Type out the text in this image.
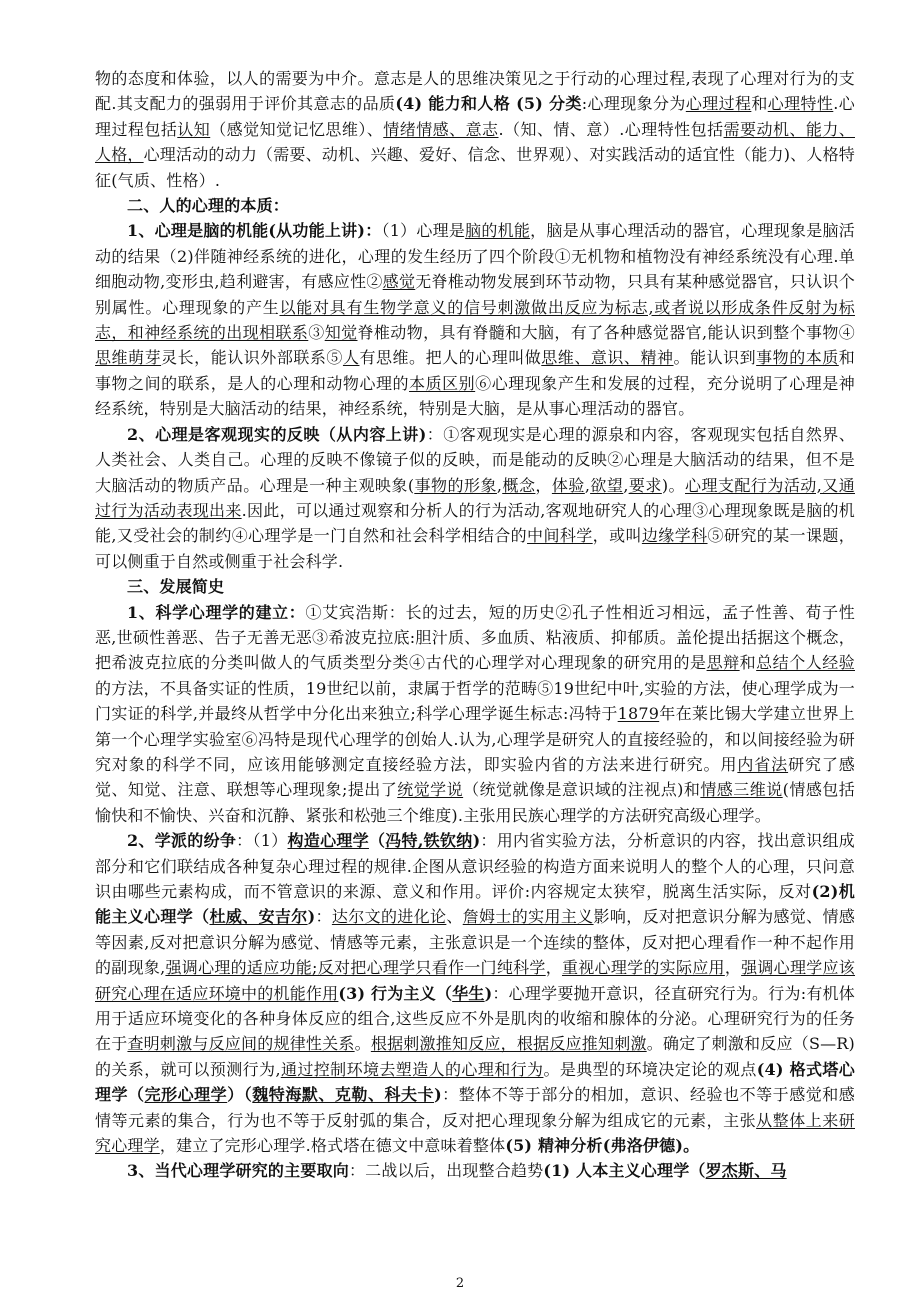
物的态度和体验，以人的需要为中介。意志是人的思维决策见之于行动的心理过程,表现了心理对行为的支配.其支配力的强弱用于评价其意志的品质(4) 能力和人格 (5) 分类:心理现象分为心理过程和心理特性.心理过程包括认知（感觉知觉记忆思维）、情绪情感、意志.（知、情、意）.心理特性包括需要动机、能力、人格，心理活动的动力（需要、动机、兴趣、爱好、信念、世界观）、对实践活动的适宜性（能力)、人格特征(气质、性格）.

二、人的心理的本质：

1、心理是脑的机能(从功能上讲)：（1）心理是脑的机能，脑是从事心理活动的器官，心理现象是脑活动的结果（2)伴随神经系统的进化，心理的发生经历了四个阶段①无机物和植物没有神经系统没有心理.单细胞动物,变形虫,趋利避害，有感应性②感觉无脊椎动物发展到环节动物，只具有某种感觉器官，只认识个别属性。心理现象的产生以能对具有生物学意义的信号刺激做出反应为标志,或者说以形成条件反射为标志，和神经系统的出现相联系③知觉脊椎动物，具有脊髓和大脑，有了各种感觉器官,能认识到整个事物④思维萌芽灵长，能认识外部联系⑤人有思维。把人的心理叫做思维、意识、精神。能认识到事物的本质和事物之间的联系，是人的心理和动物心理的本质区别⑥心理现象产生和发展的过程，充分说明了心理是神经系统，特别是大脑活动的结果，神经系统，特别是大脑，是从事心理活动的器官。

2、心理是客观现实的反映（从内容上讲)：①客观现实是心理的源泉和内容，客观现实包括自然界、人类社会、人类自己。心理的反映不像镜子似的反映，而是能动的反映②心理是大脑活动的结果，但不是大脑活动的物质产品。心理是一种主观映象(事物的形象,概念，体验,欲望,要求)。心理支配行为活动,又通过行为活动表现出来.因此，可以通过观察和分析人的行为活动,客观地研究人的心理③心理现象既是脑的机能,又受社会的制约④心理学是一门自然和社会科学相结合的中间科学，或叫边缘学科⑤研究的某一课题，可以侧重于自然或侧重于社会科学.

三、发展简史

1、科学心理学的建立：①艾宾浩斯：长的过去，短的历史②孔子性相近习相远，孟子性善、荀子性恶,世硕性善恶、告子无善无恶③希波克拉底:胆汁质、多血质、粘液质、抑郁质。盖伦提出括据这个概念，把希波克拉底的分类叫做人的气质类型分类④古代的心理学对心理现象的研究用的是思辩和总结个人经验的方法，不具备实证的性质，19世纪以前，隶属于哲学的范畴⑤19世纪中叶,实验的方法，使心理学成为一门实证的科学,并最终从哲学中分化出来独立;科学心理学诞生标志:冯特于1879年在莱比锡大学建立世界上第一个心理学实验室⑥冯特是现代心理学的创始人.认为,心理学是研究人的直接经验的，和以间接经验为研究对象的科学不同，应该用能够测定直接经验方法，即实验内省的方法来进行研究。用内省法研究了感觉、知觉、注意、联想等心理现象;提出了统觉学说（统觉就像是意识域的注视点)和情感三维说(情感包括愉快和不愉快、兴奋和沉静、紧张和松弛三个维度).主张用民族心理学的方法研究高级心理学。

2、学派的纷争：（1）构造心理学（冯特,铁钦纳)：用内省实验方法，分析意识的内容，找出意识组成部分和它们联结成各种复杂心理过程的规律.企图从意识经验的构造方面来说明人的整个人的心理，只问意识由哪些元素构成，而不管意识的来源、意义和作用。评价:内容规定太狭窄，脱离生活实际，反对(2)机能主义心理学（杜威、安吉尔)：达尔文的进化论、詹姆士的实用主义影响，反对把意识分解为感觉、情感等因素,反对把意识分解为感觉、情感等元素，主张意识是一个连续的整体，反对把心理看作一种不起作用的副现象,强调心理的适应功能;反对把心理学只看作一门纯科学，重视心理学的实际应用，强调心理学应该研究心理在适应环境中的机能作用(3) 行为主义（华生)：心理学要抛开意识，径直研究行为。行为:有机体用于适应环境变化的各种身体反应的组合,这些反应不外是肌肉的收缩和腺体的分泌。心理研究行为的任务在于查明刺激与反应间的规律性关系。根据刺激推知反应，根据反应推知刺激。确定了刺激和反应（S—R)的关系，就可以预测行为,通过控制环境去塑造人的心理和行为。是典型的环境决定论的观点(4) 格式塔心理学（完形心理学）（魏特海默、克勒、科夫卡)：整体不等于部分的相加，意识、经验也不等于感觉和感情等元素的集合，行为也不等于反射弧的集合，反对把心理现象分解为组成它的元素，主张从整体上来研究心理学，建立了完形心理学.格式塔在德文中意味着整体(5) 精神分析(弗洛伊德)。

3、当代心理学研究的主要取向：二战以后，出现整合趋势(1) 人本主义心理学（罗杰斯、马

2
